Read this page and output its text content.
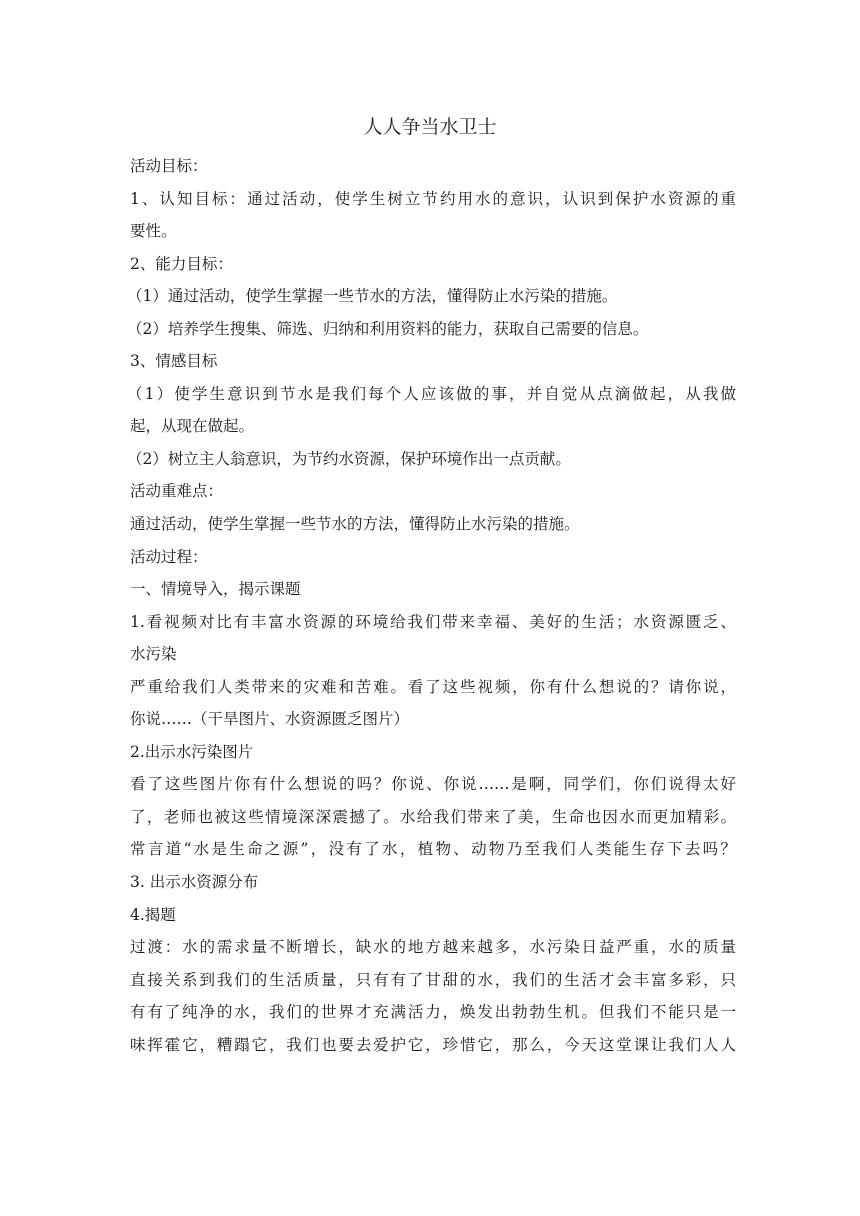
人人争当水卫士
活动目标：
1、认知目标：通过活动，使学生树立节约用水的意识，认识到保护水资源的重
要性。
2、能力目标：
（1）通过活动，使学生掌握一些节水的方法，懂得防止水污染的措施。
（2）培养学生搜集、筛选、归纳和利用资料的能力，获取自己需要的信息。
3、情感目标
（1）使学生意识到节水是我们每个人应该做的事，并自觉从点滴做起，从我做
起，从现在做起。
（2）树立主人翁意识，为节约水资源，保护环境作出一点贡献。
活动重难点：
通过活动，使学生掌握一些节水的方法，懂得防止水污染的措施。
活动过程：
一、情境导入，揭示课题
1.看视频对比有丰富水资源的环境给我们带来幸福、美好的生活；水资源匮乏、
水污染
严重给我们人类带来的灾难和苦难。看了这些视频，你有什么想说的？请你说，
你说……（干旱图片、水资源匮乏图片）
2.出示水污染图片
看了这些图片你有什么想说的吗？你说、你说……是啊，同学们，你们说得太好
了，老师也被这些情境深深震撼了。水给我们带来了美，生命也因水而更加精彩。
常言道“水是生命之源”，没有了水，植物、动物乃至我们人类能生存下去吗？
3. 出示水资源分布
4.揭题
过渡：水的需求量不断增长，缺水的地方越来越多，水污染日益严重，水的质量
直接关系到我们的生活质量，只有有了甘甜的水，我们的生活才会丰富多彩，只
有有了纯净的水，我们的世界才充满活力，焕发出勃勃生机。但我们不能只是一
味挥霍它，糟蹋它，我们也要去爱护它，珍惜它，那么，今天这堂课让我们人人
